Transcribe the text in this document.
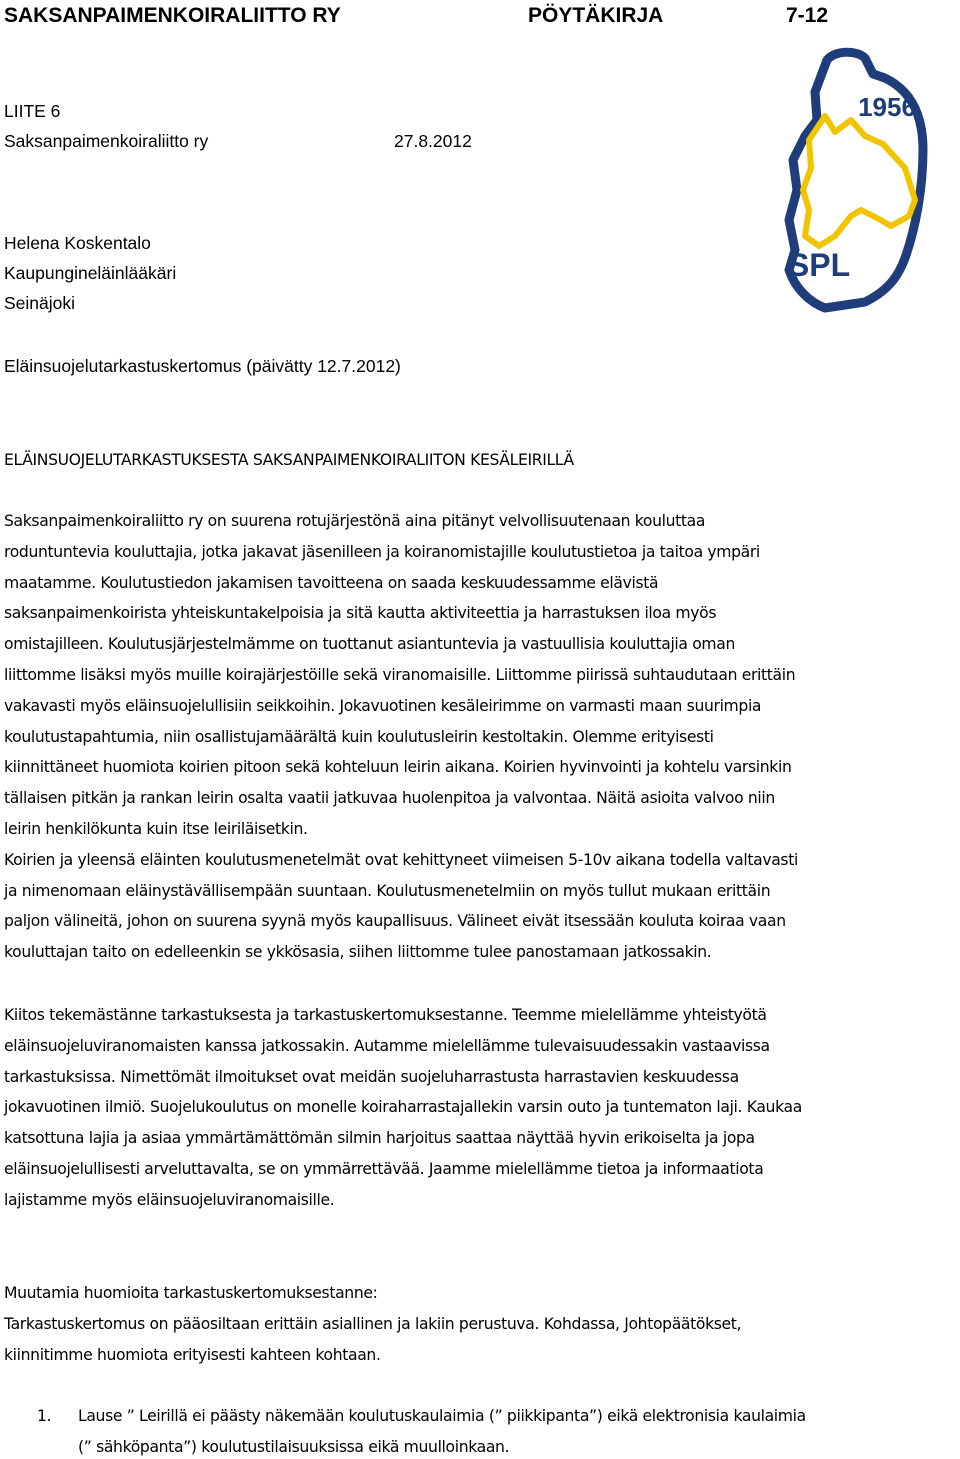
SAKSANPAIMENKOIRALIITTO RY	PÖYTÄKIRJA	7-12
LIITE 6
Saksanpaimenkoiraliitto ry	27.8.2012
Helena Koskentalo
Kaupungineläinlääkäri
Seinäjoki
Eläinsuojelutarkastuskertomus (päivätty 12.7.2012)
1956
SPL
ELÄINSUOJELUTARKASTUKSESTA SAKSANPAIMENKOIRALIITON KESÄLEIRILLÄ
Saksanpaimenkoiraliitto ry on suurena rotujärjestönä aina pitänyt velvollisuutenaan kouluttaa
roduntuntevia kouluttajia, jotka jakavat jäsenilleen ja koiranomistajille koulutustietoa ja taitoa ympäri
maatamme. Koulutustiedon jakamisen tavoitteena on saada keskuudessamme elävistä
saksanpaimenkoirista yhteiskuntakelpoisia ja sitä kautta aktiviteettia ja harrastuksen iloa myös
omistajilleen. Koulutusjärjestelmämme on tuottanut asiantuntevia ja vastuullisia kouluttajia oman
liittomme lisäksi myös muille koirajärjestöille sekä viranomaisille. Liittomme piirissä suhtaudutaan erittäin
vakavasti myös eläinsuojelullisiin seikkoihin. Jokavuotinen kesäleirimme on varmasti maan suurimpia
koulutustapahtumia, niin osallistujamäärältä kuin koulutusleirin kestoltakin. Olemme erityisesti
kiinnittäneet huomiota koirien pitoon sekä kohteluun leirin aikana. Koirien hyvinvointi ja kohtelu varsinkin
tällaisen pitkän ja rankan leirin osalta vaatii jatkuvaa huolenpitoa ja valvontaa. Näitä asioita valvoo niin
leirin henkilökunta kuin itse leiriläisetkin.
Koirien ja yleensä eläinten koulutusmenetelmät ovat kehittyneet viimeisen 5-10v aikana todella valtavasti
ja nimenomaan eläinystävällisempään suuntaan. Koulutusmenetelmiin on myös tullut mukaan erittäin
paljon välineitä, johon on suurena syynä myös kaupallisuus. Välineet eivät itsessään kouluta koiraa vaan
kouluttajan taito on edelleenkin se ykkösasia, siihen liittomme tulee panostamaan jatkossakin.
Kiitos tekemästänne tarkastuksesta ja tarkastuskertomuksestanne. Teemme mielellämme yhteistyötä
eläinsuojeluviranomaisten kanssa jatkossakin. Autamme mielellämme tulevaisuudessakin vastaavissa
tarkastuksissa. Nimettömät ilmoitukset ovat meidän suojeluharrastusta harrastavien keskuudessa
jokavuotinen ilmiö. Suojelukoulutus on monelle koiraharrastajallekin varsin outo ja tuntematon laji. Kaukaa
katsottuna lajia ja asiaa ymmärtämättömän silmin harjoitus saattaa näyttää hyvin erikoiselta ja jopa
eläinsuojelullisesti arveluttavalta, se on ymmärrettävää. Jaamme mielellämme tietoa ja informaatiota
lajistamme myös eläinsuojeluviranomaisille.
Muutamia huomioita tarkastuskertomuksestanne:
Tarkastuskertomus on pääosiltaan erittäin asiallinen ja lakiin perustuva. Kohdassa, Johtopäätökset,
kiinnitimme huomiota erityisesti kahteen kohtaan.
1. Lause ” Leirillä ei päästy näkemään koulutuskaulaimia (” piikkipanta”) eikä elektronisia kaulaimia
(” sähköpanta”) koulutustilaisuuksissa eikä muulloinkaan.
